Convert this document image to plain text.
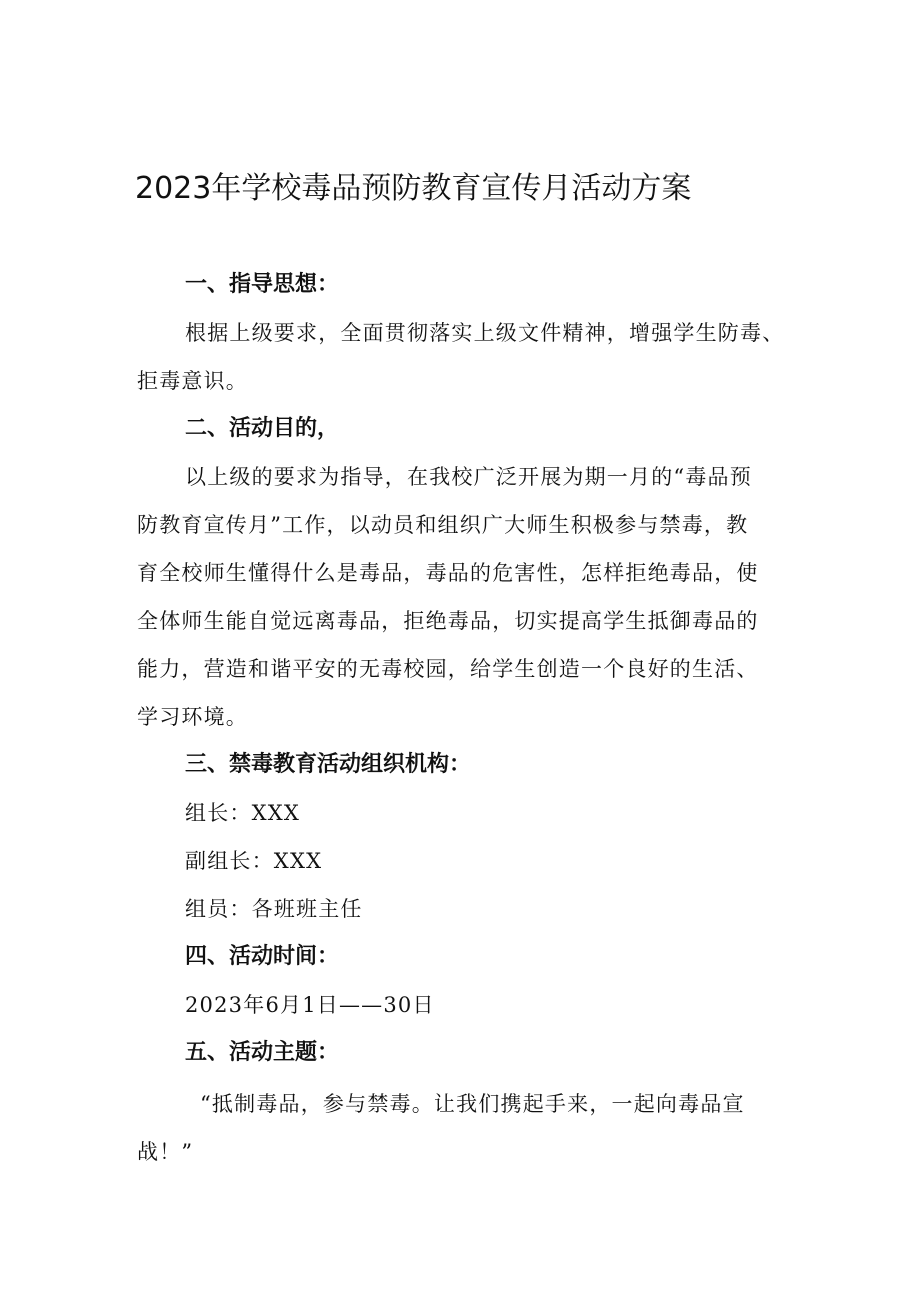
2023年学校毒品预防教育宣传月活动方案
一、指导思想：
根据上级要求，全面贯彻落实上级文件精神，增强学生防毒、
拒毒意识。
二、活动目的，
以上级的要求为指导，在我校广泛开展为期一月的“毒品预
防教育宣传月”工作，以动员和组织广大师生积极参与禁毒，教
育全校师生懂得什么是毒品，毒品的危害性，怎样拒绝毒品，使
全体师生能自觉远离毒品，拒绝毒品，切实提高学生抵御毒品的
能力，营造和谐平安的无毒校园，给学生创造一个良好的生活、
学习环境。
三、禁毒教育活动组织机构：
组长：XXX
副组长：XXX
组员：各班班主任
四、活动时间：
2023年6月1日——30日
五、活动主题：
“抵制毒品，参与禁毒。让我们携起手来，一起向毒品宣
战！”
